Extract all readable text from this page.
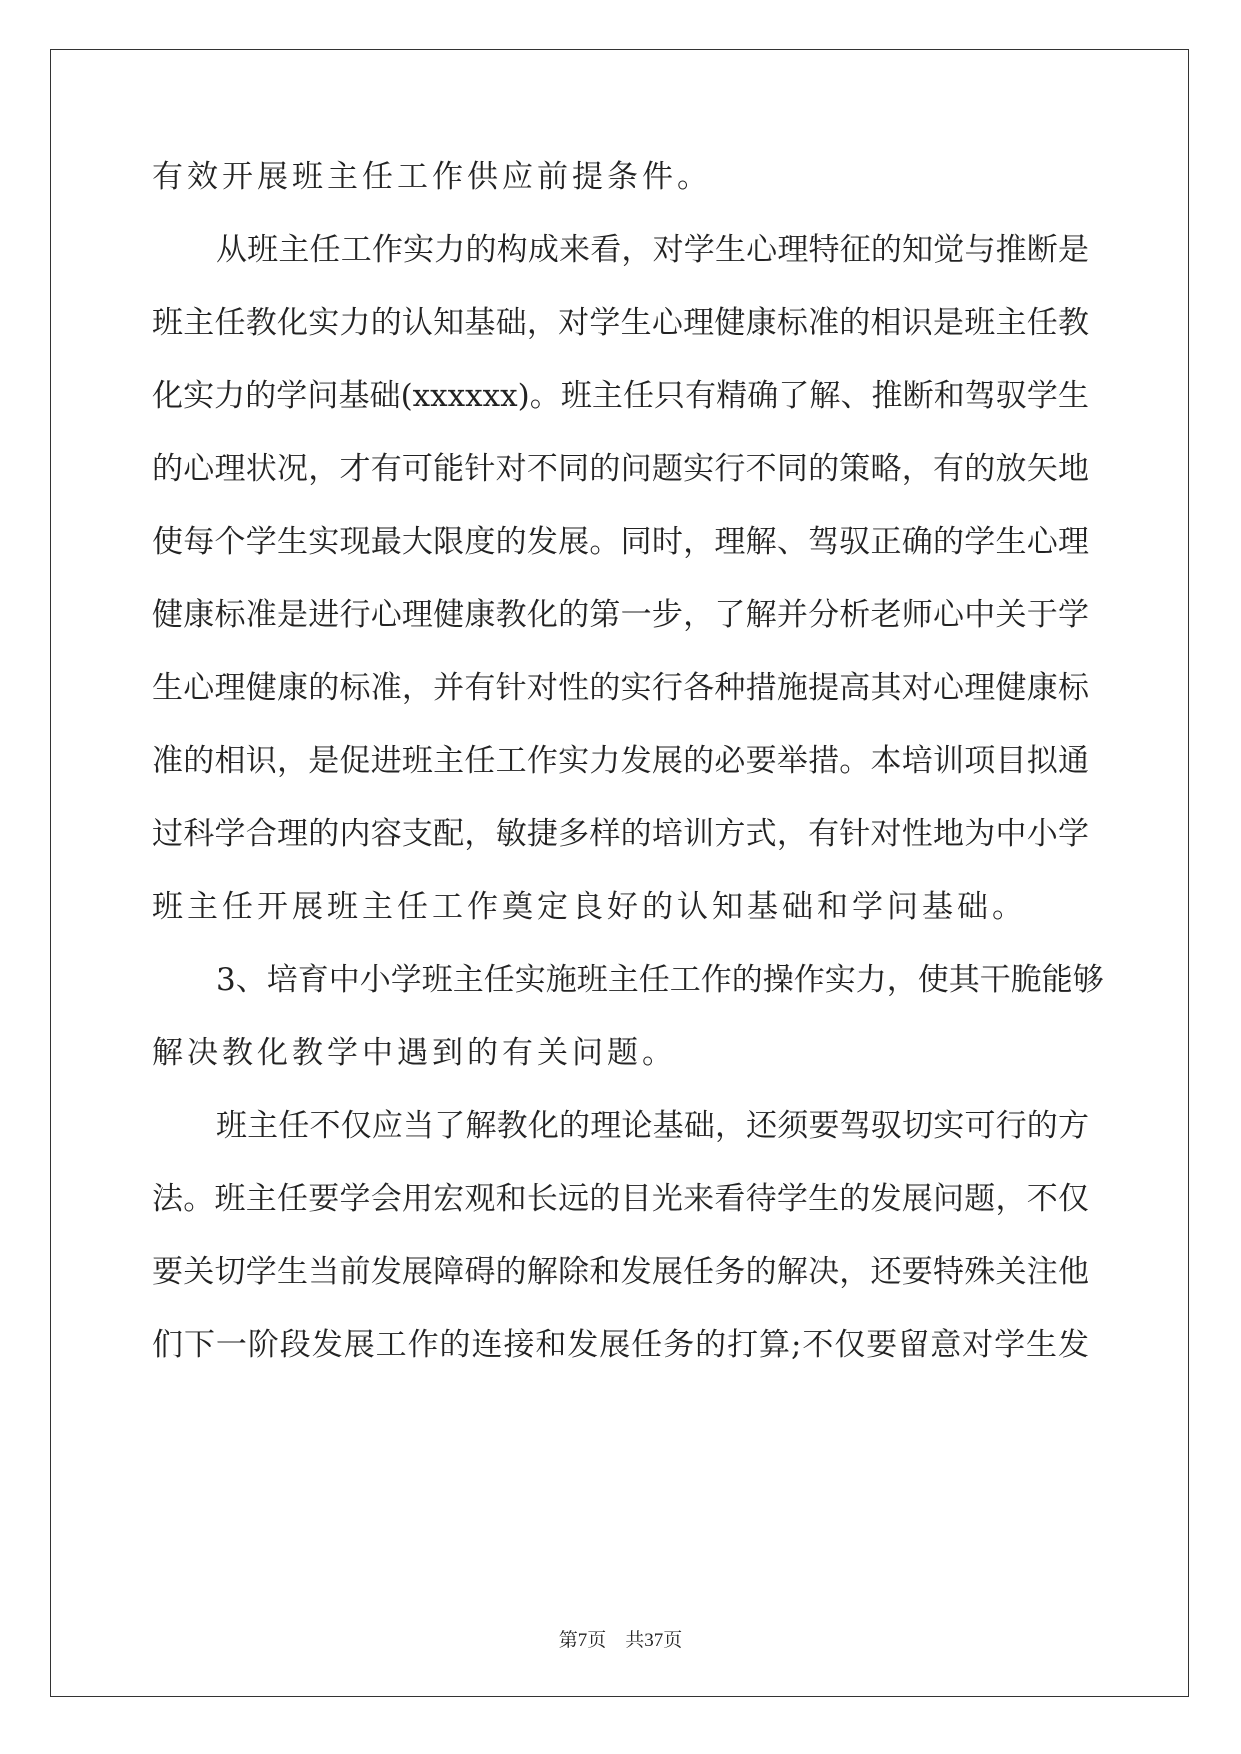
有效开展班主任工作供应前提条件。
从班主任工作实力的构成来看，对学生心理特征的知觉与推断是
班主任教化实力的认知基础，对学生心理健康标准的相识是班主任教
化实力的学问基础(xxxxxx)。班主任只有精确了解、推断和驾驭学生
的心理状况，才有可能针对不同的问题实行不同的策略，有的放矢地
使每个学生实现最大限度的发展。同时，理解、驾驭正确的学生心理
健康标准是进行心理健康教化的第一步，了解并分析老师心中关于学
生心理健康的标准，并有针对性的实行各种措施提高其对心理健康标
准的相识，是促进班主任工作实力发展的必要举措。本培训项目拟通
过科学合理的内容支配，敏捷多样的培训方式，有针对性地为中小学
班主任开展班主任工作奠定良好的认知基础和学问基础。
3、培育中小学班主任实施班主任工作的操作实力，使其干脆能够
解决教化教学中遇到的有关问题。
班主任不仅应当了解教化的理论基础，还须要驾驭切实可行的方
法。班主任要学会用宏观和长远的目光来看待学生的发展问题，不仅
要关切学生当前发展障碍的解除和发展任务的解决，还要特殊关注他
们下一阶段发展工作的连接和发展任务的打算;不仅要留意对学生发
第7页 共37页
